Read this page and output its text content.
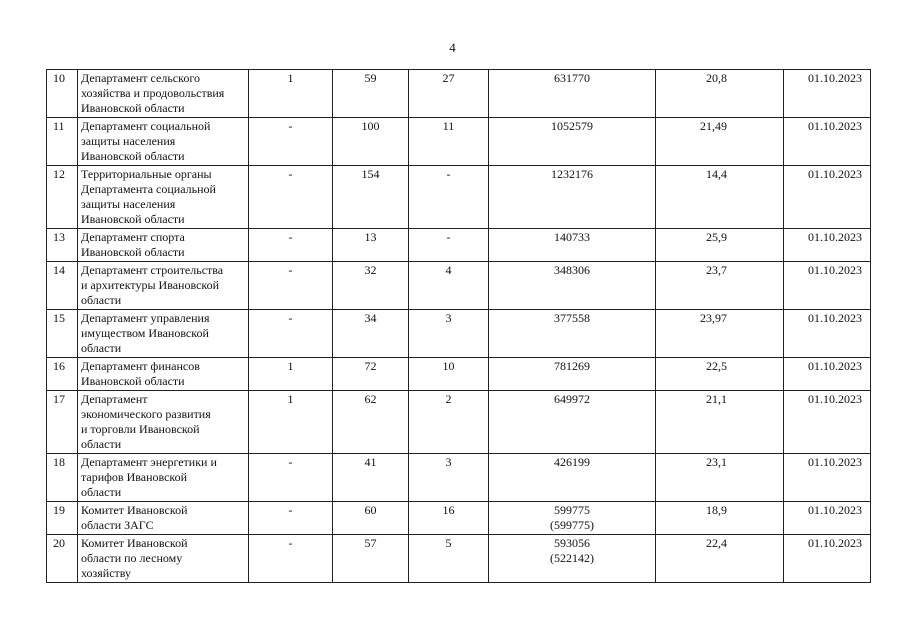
4
10	Департамент сельского
хозяйства и продовольствия
Ивановской области	1	59	27	631770	20,8	01.10.2023
11	Департамент социальной
защиты населения
Ивановской области	-	100	11	1052579	21,49	01.10.2023
12	Территориальные органы
Департамента социальной
защиты населения
Ивановской области	-	154	-	1232176	14,4	01.10.2023
13	Департамент спорта
Ивановской области	-	13	-	140733	25,9	01.10.2023
14	Департамент строительства
и архитектуры Ивановской
области	-	32	4	348306	23,7	01.10.2023
15	Департамент управления
имуществом Ивановской
области	-	34	3	377558	23,97	01.10.2023
16	Департамент финансов
Ивановской области	1	72	10	781269	22,5	01.10.2023
17	Департамент
экономического развития
и торговли Ивановской
области	1	62	2	649972	21,1	01.10.2023
18	Департамент энергетики и
тарифов Ивановской
области	-	41	3	426199	23,1	01.10.2023
19	Комитет Ивановской
области ЗАГС	-	60	16	599775
(599775)	18,9	01.10.2023
20	Комитет Ивановской
области по лесному
хозяйству	-	57	5	593056
(522142)	22,4	01.10.2023
